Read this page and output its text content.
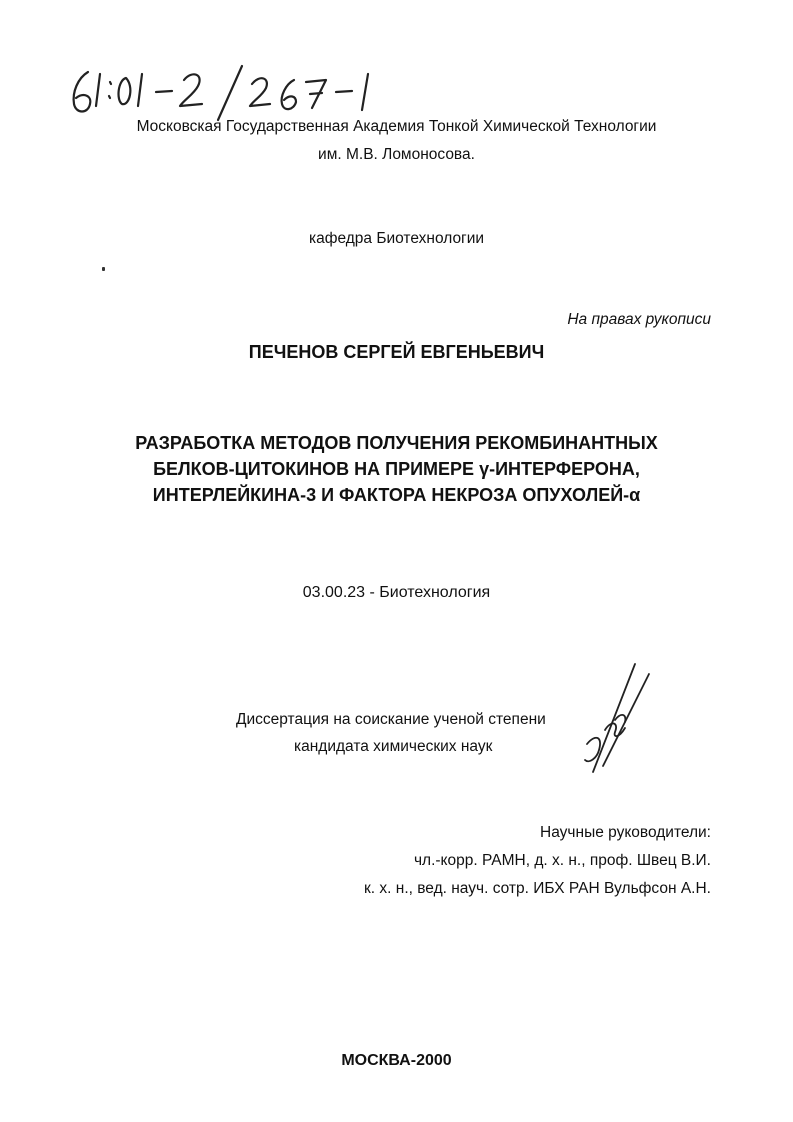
Московская Государственная Академия Тонкой Химической Технологии
им. М.В. Ломоносова.
кафедра Биотехнологии
На правах рукописи
ПЕЧЕНОВ СЕРГЕЙ ЕВГЕНЬЕВИЧ
РАЗРАБОТКА МЕТОДОВ ПОЛУЧЕНИЯ РЕКОМБИНАНТНЫХ
БЕЛКОВ-ЦИТОКИНОВ НА ПРИМЕРЕ γ-ИНТЕРФЕРОНА,
ИНТЕРЛЕЙКИНА-3 И ФАКТОРА НЕКРОЗА ОПУХОЛЕЙ-α
03.00.23 - Биотехнология
Диссертация на соискание ученой степени
кандидата химических наук
Научные руководители:
чл.-корр. РАМН, д. х. н., проф. Швец В.И.
к. х. н., вед. науч. сотр. ИБХ РАН Вульфсон А.Н.
МОСКВА-2000
